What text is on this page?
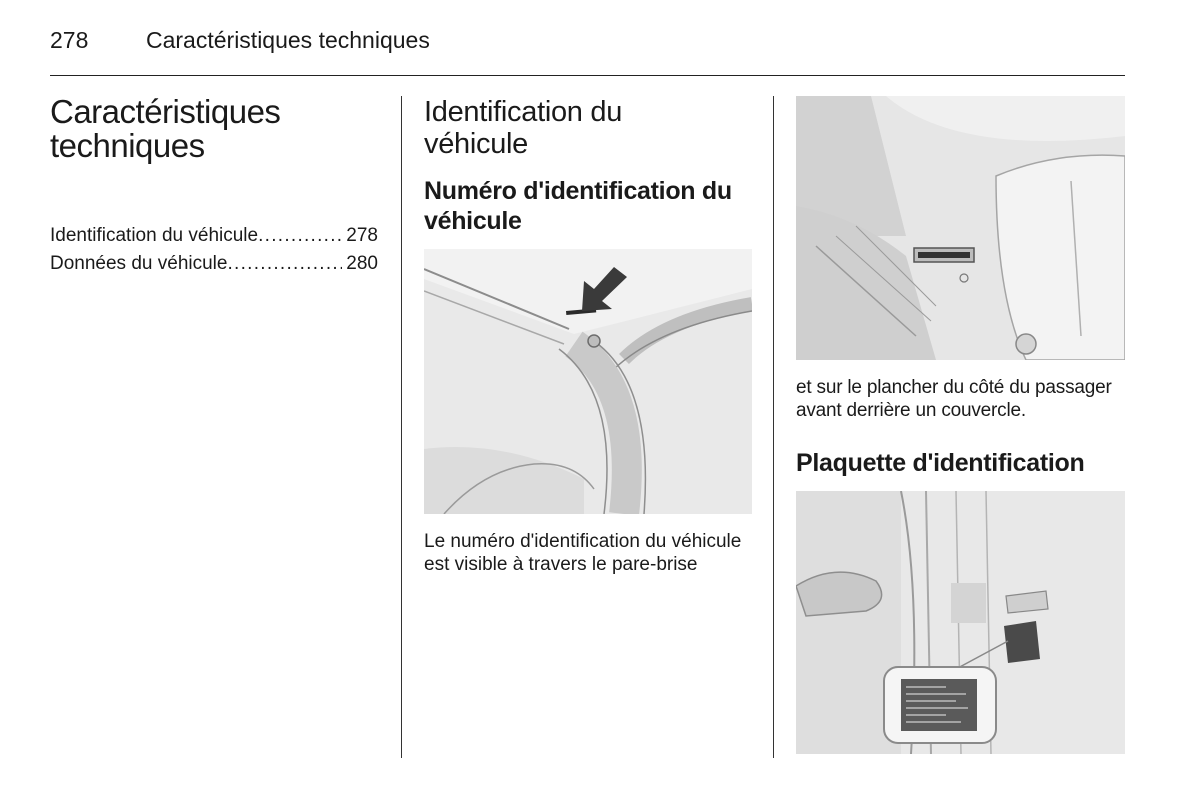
278	Caractéristiques techniques
Caractéristiques
techniques
Identification du véhicule . . .	278
Données du véhicule . . .	280
Identification du
véhicule
Numéro d'identification du
véhicule
Le numéro d'identification du véhicule
est visible à travers le pare-brise
et sur le plancher du côté du passager
avant derrière un couvercle.
Plaquette d'identification
